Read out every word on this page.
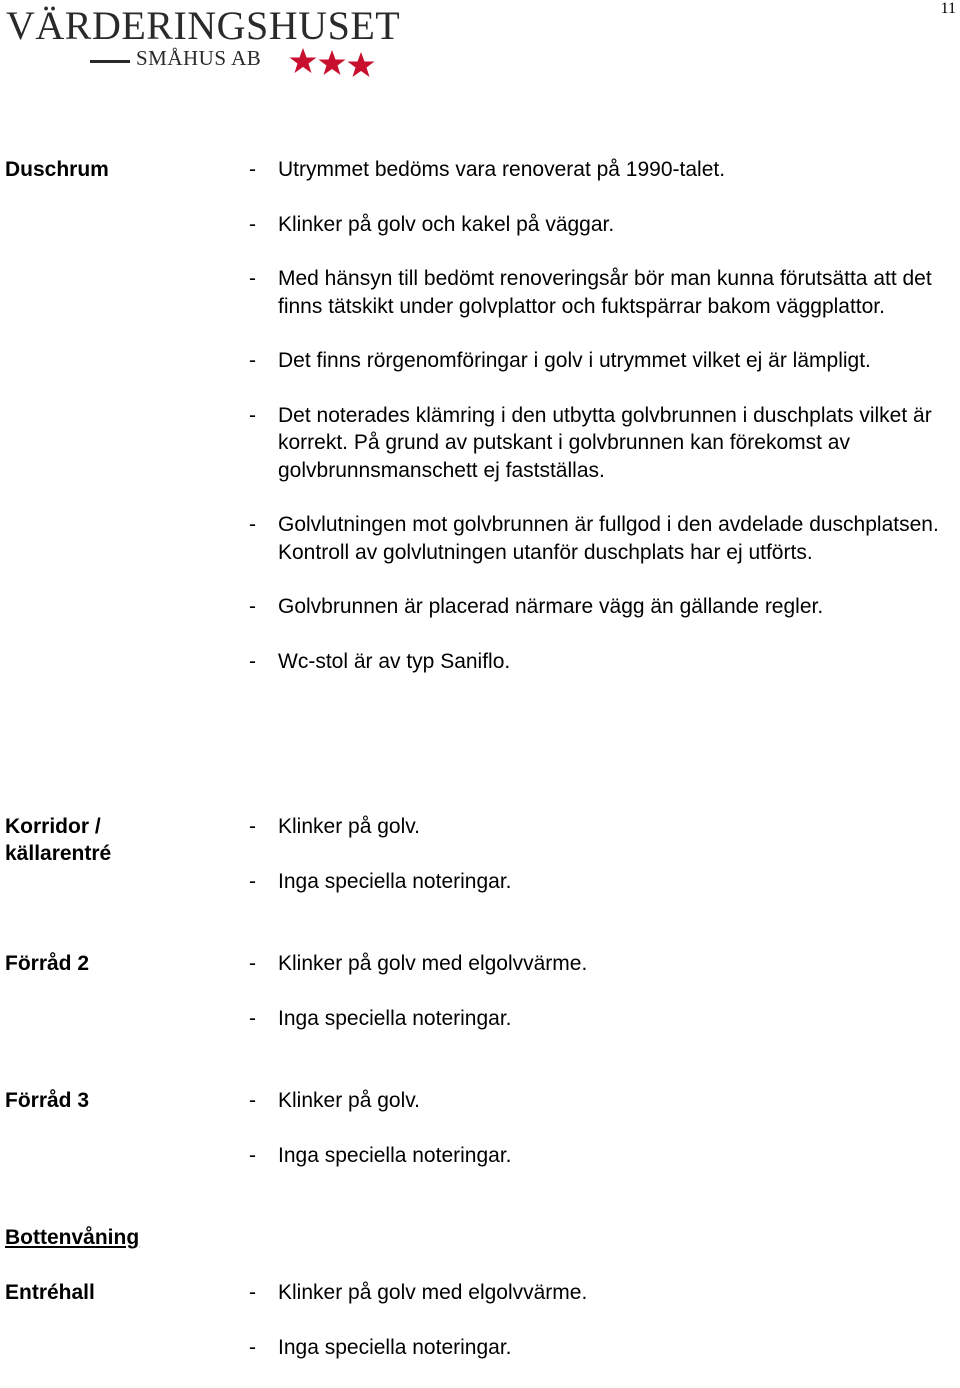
VÄRDERINGSHUSET
SMÅHUS AB
11
Duschrum	- Utrymmet bedöms vara renoverat på 1990-talet.
- Klinker på golv och kakel på väggar.
- Med hänsyn till bedömt renoveringsår bör man kunna förutsätta att det finns tätskikt under golvplattor och fuktspärrar bakom väggplattor.
- Det finns rörgenomföringar i golv i utrymmet vilket ej är lämpligt.
- Det noterades klämring i den utbytta golvbrunnen i duschplats vilket är korrekt. På grund av putskant i golvbrunnen kan förekomst av golvbrunnsmanschett ej fastställas.
- Golvlutningen mot golvbrunnen är fullgod i den avdelade duschplatsen. Kontroll av golvlutningen utanför duschplats har ej utförts.
- Golvbrunnen är placerad närmare vägg än gällande regler.
- Wc-stol är av typ Saniflo.
Korridor / källarentré
- Klinker på golv.
- Inga speciella noteringar.
Förråd 2	- Klinker på golv med elgolvvärme.
- Inga speciella noteringar.
Förråd 3	- Klinker på golv.
- Inga speciella noteringar.
Bottenvåning
Entréhall	- Klinker på golv med elgolvvärme.
- Inga speciella noteringar.
